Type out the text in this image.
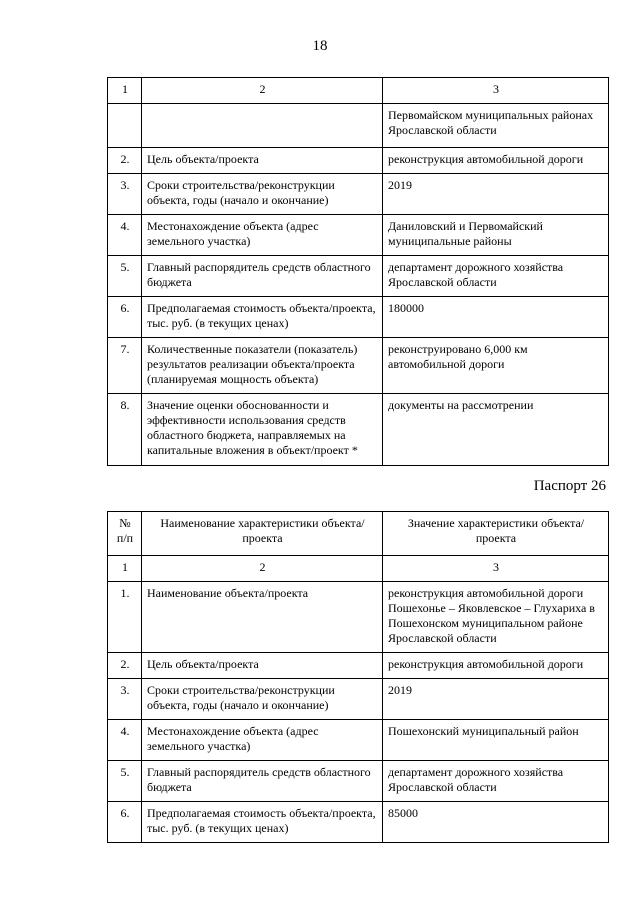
18
1	2	3
		Первомайском муниципальных районах Ярославской области
2.	Цель объекта/проекта	реконструкция автомобильной дороги
3.	Сроки строительства/реконструкции объекта, годы (начало и окончание)	2019
4.	Местонахождение объекта (адрес земельного участка)	Даниловский и Первомайский муниципальные районы
5.	Главный распорядитель средств областного бюджета	департамент дорожного хозяйства Ярославской области
6.	Предполагаемая стоимость объекта/проекта, тыс. руб. (в текущих ценах)	180000
7.	Количественные показатели (показатель) результатов реализации объекта/проекта (планируемая мощность объекта)	реконструировано 6,000 км автомобильной дороги
8.	Значение оценки обоснованности и эффективности использования средств областного бюджета, направляемых на капитальные вложения в объект/проект *	документы на рассмотрении
Паспорт 26
№ п/п	Наименование характеристики объекта/проекта	Значение характеристики объекта/проекта
1	2	3
1.	Наименование объекта/проекта	реконструкция автомобильной дороги Пошехонье – Яковлевское – Глухариха в Пошехонском муниципальном районе Ярославской области
2.	Цель объекта/проекта	реконструкция автомобильной дороги
3.	Сроки строительства/реконструкции объекта, годы (начало и окончание)	2019
4.	Местонахождение объекта (адрес земельного участка)	Пошехонский муниципальный район
5.	Главный распорядитель средств областного бюджета	департамент дорожного хозяйства Ярославской области
6.	Предполагаемая стоимость объекта/проекта, тыс. руб. (в текущих ценах)	85000
